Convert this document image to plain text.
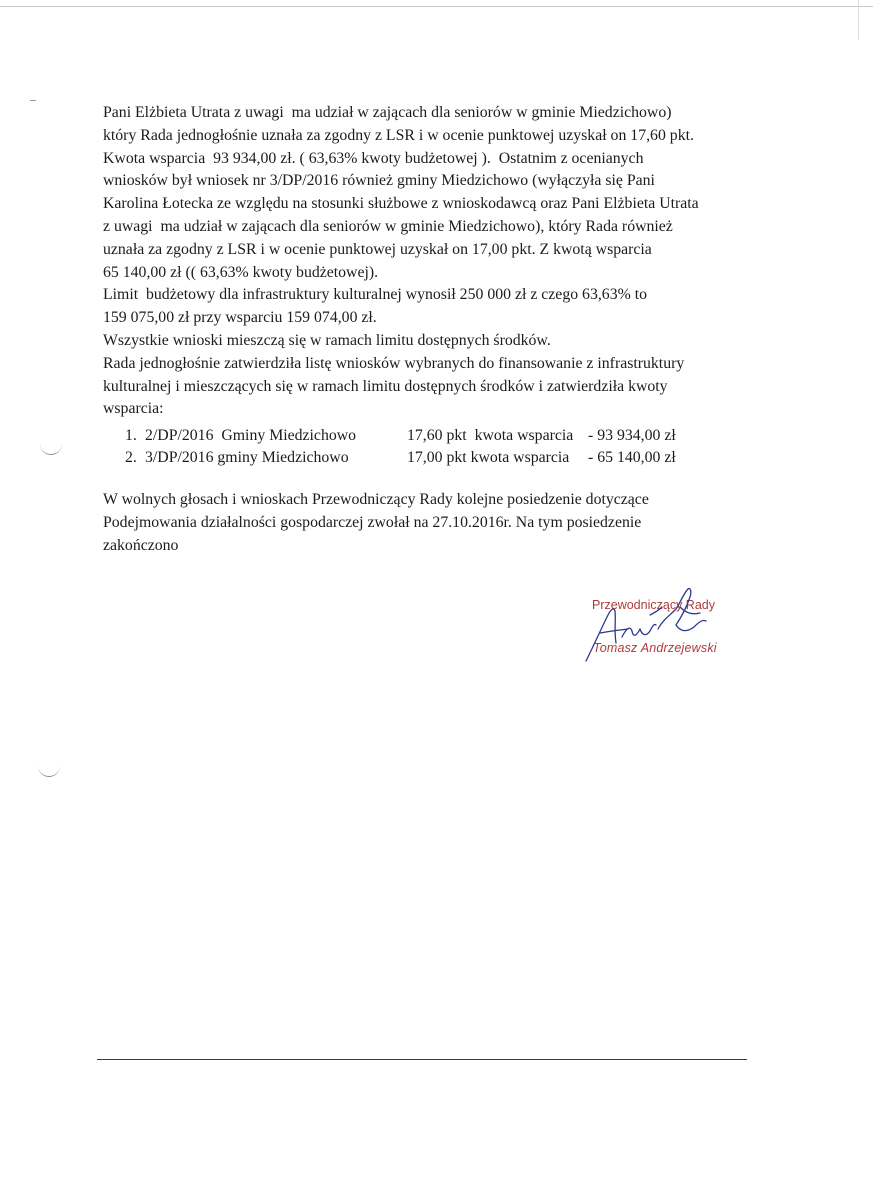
Pani Elżbieta Utrata z uwagi  ma udział w zającach dla seniorów w gminie Miedzichowo)
który Rada jednogłośnie uznała za zgodny z LSR i w ocenie punktowej uzyskał on 17,60 pkt.
Kwota wsparcia  93 934,00 zł. ( 63,63% kwoty budżetowej ).  Ostatnim z ocenianych
wniosków był wniosek nr 3/DP/2016 również gminy Miedzichowo (wyłączyła się Pani
Karolina Łotecka ze względu na stosunki służbowe z wnioskodawcą oraz Pani Elżbieta Utrata
z uwagi  ma udział w zającach dla seniorów w gminie Miedzichowo), który Rada również
uznała za zgodny z LSR i w ocenie punktowej uzyskał on 17,00 pkt. Z kwotą wsparcia
65 140,00 zł (( 63,63% kwoty budżetowej).
Limit  budżetowy dla infrastruktury kulturalnej wynosił 250 000 zł z czego 63,63% to
159 075,00 zł przy wsparciu 159 074,00 zł.
Wszystkie wnioski mieszczą się w ramach limitu dostępnych środków.
Rada jednogłośnie zatwierdziła listę wniosków wybranych do finansowanie z infrastruktury
kulturalnej i mieszczących się w ramach limitu dostępnych środków i zatwierdziła kwoty
wsparcia:

1.

2/DP/2016  Gminy Miedzichowo

	17,60 pkt  kwota wsparcia

- 93 934,00 zł

2.

3/DP/2016 gminy Miedzichowo

	17,00 pkt kwota wsparcia

- 65 140,00 zł

W wolnych głosach i wnioskach Przewodniczący Rady kolejne posiedzenie dotyczące
Podejmowania działalności gospodarczej zwołał na 27.10.2016r. Na tym posiedzenie
zakończono
Przewodniczący Rady
Tomasz Andrzejewski
